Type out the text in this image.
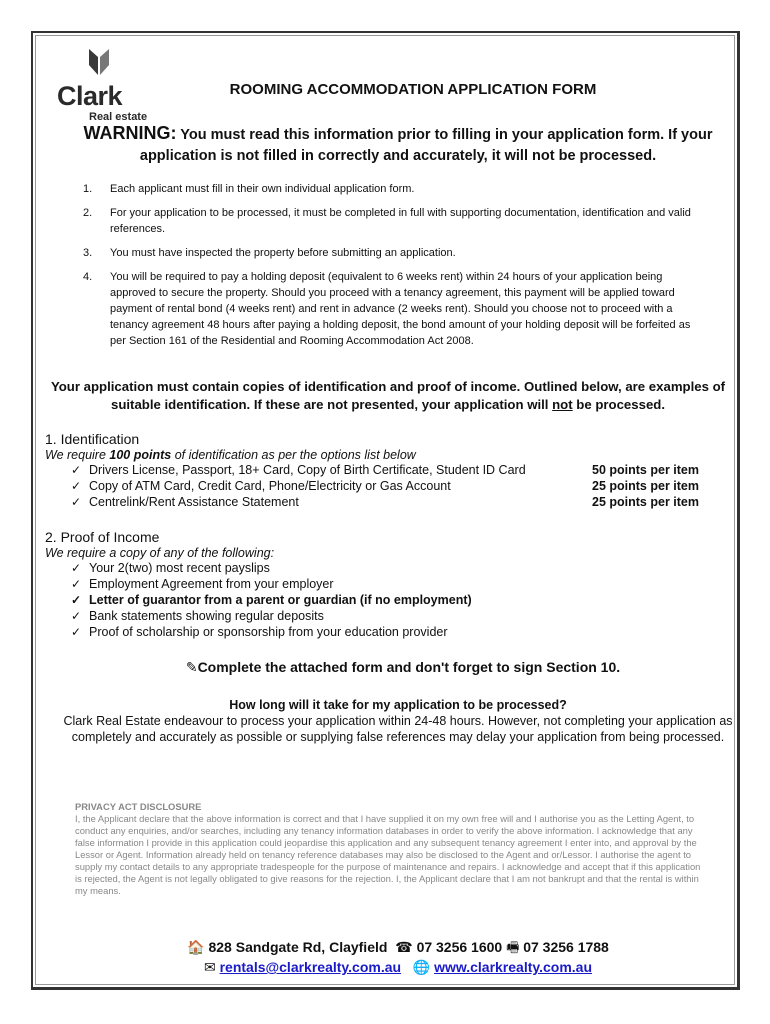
Clark
Real estate
ROOMING ACCOMMODATION APPLICATION FORM
WARNING: You must read this information prior to filling in your application form. If your application is not filled in correctly and accurately, it will not be processed.
1. Each applicant must fill in their own individual application form.
2. For your application to be processed, it must be completed in full with supporting documentation, identification and valid references.
3. You must have inspected the property before submitting an application.
4. You will be required to pay a holding deposit (equivalent to 6 weeks rent) within 24 hours of your application being approved to secure the property. Should you proceed with a tenancy agreement, this payment will be applied toward payment of rental bond (4 weeks rent) and rent in advance (2 weeks rent). Should you choose not to proceed with a tenancy agreement 48 hours after paying a holding deposit, the bond amount of your holding deposit will be forfeited as per Section 161 of the Residential and Rooming Accommodation Act 2008.
Your application must contain copies of identification and proof of income. Outlined below, are examples of suitable identification. If these are not presented, your application will not be processed.
1. Identification
We require 100 points of identification as per the options list below
✓ Drivers License, Passport, 18+ Card, Copy of Birth Certificate, Student ID Card	50 points per item
✓ Copy of ATM Card, Credit Card, Phone/Electricity or Gas Account	25 points per item
✓ Centrelink/Rent Assistance Statement	25 points per item
2. Proof of Income
We require a copy of any of the following:
✓ Your 2(two) most recent payslips
✓ Employment Agreement from your employer
✓ Letter of guarantor from a parent or guardian (if no employment)
✓ Bank statements showing regular deposits
✓ Proof of scholarship or sponsorship from your education provider
✎Complete the attached form and don't forget to sign Section 10.
How long will it take for my application to be processed?
Clark Real Estate endeavour to process your application within 24-48 hours. However, not completing your application as completely and accurately as possible or supplying false references may delay your application from being processed.
PRIVACY ACT DISCLOSURE
I, the Applicant declare that the above information is correct and that I have supplied it on my own free will and I authorise you as the Letting Agent, to conduct any enquiries, and/or searches, including any tenancy information databases in order to verify the above information. I acknowledge that any false information I provide in this application could jeopardise this application and any subsequent tenancy agreement I enter into, and approval by the Lessor or Agent. Information already held on tenancy reference databases may also be disclosed to the Agent and or/Lessor. I authorise the agent to supply my contact details to any appropriate tradespeople for the purpose of maintenance and repairs. I acknowledge and accept that if this application is rejected, the Agent is not legally obligated to give reasons for the rejection. I, the Applicant declare that I am not bankrupt and that the rental is within my means.
🏠 828 Sandgate Rd, Clayfield ☎ 07 3256 1600 🖷 07 3256 1788
✉ rentals@clarkrealty.com.au 🌐 www.clarkrealty.com.au
